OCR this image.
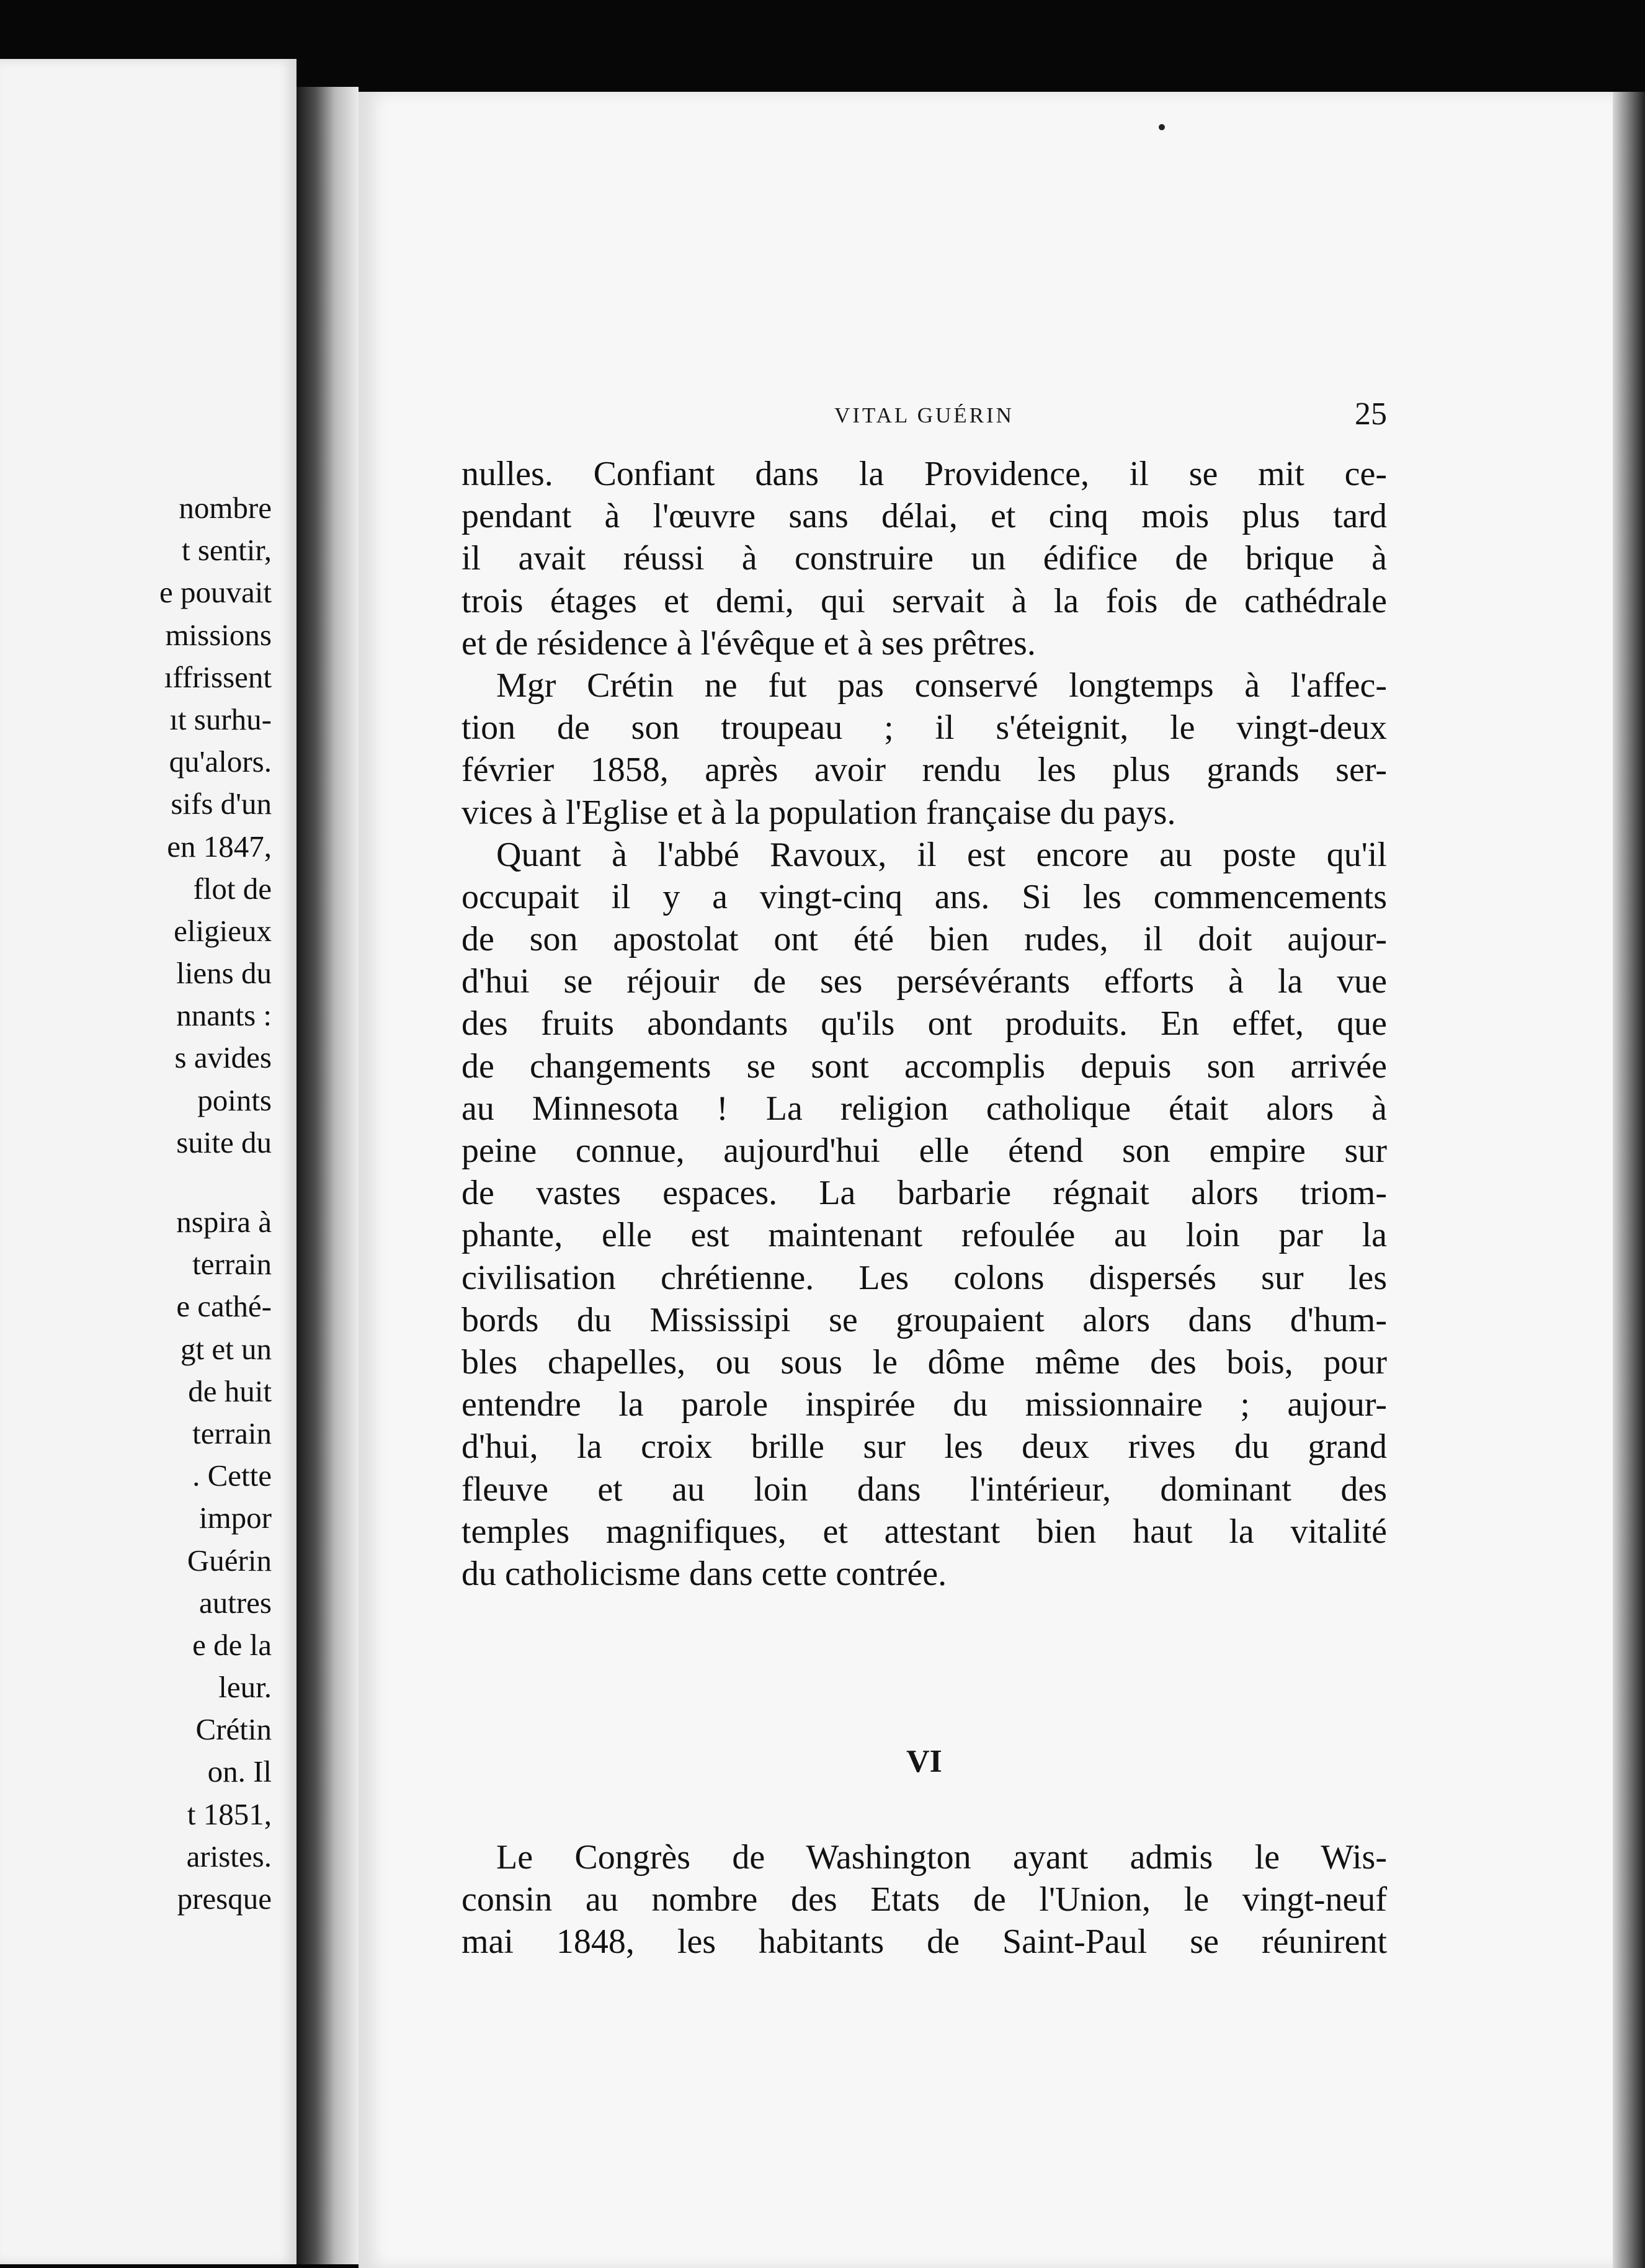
nombre
t sentir,
e pouvait
missions
ıffrissent
ıt surhu-
qu'alors.
sifs d'un
en 1847,
flot de
eligieux
liens du
nnants :
s avides
points
suite du
nspira à
terrain
e cathé-
gt et un
de huit
terrain
. Cette
impor
Guérin
autres
e de la
leur.
Crétin
on. Il
t 1851,
aristes.
presque
VITAL GUÉRIN	25
nulles. Confiant dans la Providence, il se mit ce-
pendant à l'œuvre sans délai, et cinq mois plus tard
il avait réussi à construire un édifice de brique à
trois étages et demi, qui servait à la fois de cathédrale
et de résidence à l'évêque et à ses prêtres.
Mgr Crétin ne fut pas conservé longtemps à l'affec-
tion de son troupeau ; il s'éteignit, le vingt-deux
février 1858, après avoir rendu les plus grands ser-
vices à l'Eglise et à la population française du pays.
Quant à l'abbé Ravoux, il est encore au poste qu'il
occupait il y a vingt-cinq ans. Si les commencements
de son apostolat ont été bien rudes, il doit aujour-
d'hui se réjouir de ses persévérants efforts à la vue
des fruits abondants qu'ils ont produits. En effet, que
de changements se sont accomplis depuis son arrivée
au Minnesota ! La religion catholique était alors à
peine connue, aujourd'hui elle étend son empire sur
de vastes espaces. La barbarie régnait alors triom-
phante, elle est maintenant refoulée au loin par la
civilisation chrétienne. Les colons dispersés sur les
bords du Mississipi se groupaient alors dans d'hum-
bles chapelles, ou sous le dôme même des bois, pour
entendre la parole inspirée du missionnaire ; aujour-
d'hui, la croix brille sur les deux rives du grand
fleuve et au loin dans l'intérieur, dominant des
temples magnifiques, et attestant bien haut la vitalité
du catholicisme dans cette contrée.
VI
Le Congrès de Washington ayant admis le Wis-
consin au nombre des Etats de l'Union, le vingt-neuf
mai 1848, les habitants de Saint-Paul se réunirent
